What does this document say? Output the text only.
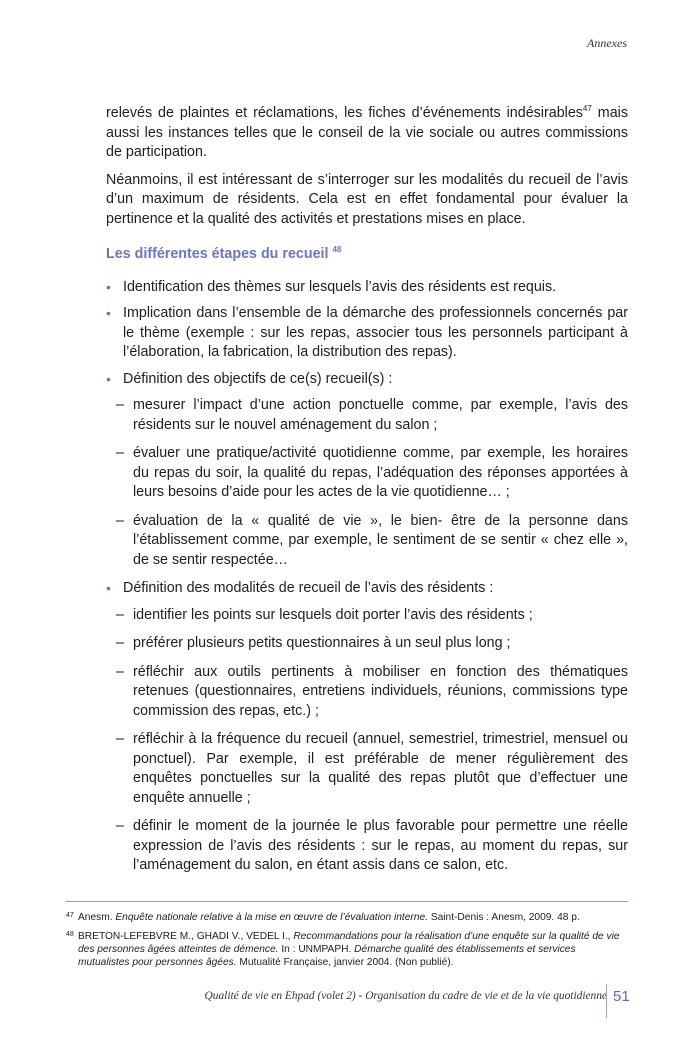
Annexes

relevés de plaintes et réclamations, les fiches d’événements indésirables$^{47}$ mais aussi les instances telles que le conseil de la vie sociale ou autres commissions de participation.

Néanmoins, il est intéressant de s’interroger sur les modalités du recueil de l’avis d’un maximum de résidents. Cela est en effet fondamental pour évaluer la pertinence et la qualité des activités et prestations mises en place.

Les différentes étapes du recueil $^{48}$
• Identification des thèmes sur lesquels l’avis des résidents est requis.
• Implication dans l’ensemble de la démarche des professionnels concernés par le thème (exemple : sur les repas, associer tous les personnels participant à l’élaboration, la fabrication, la distribution des repas).
• Définition des objectifs de ce(s) recueil(s) :
– mesurer l’impact d’une action ponctuelle comme, par exemple, l’avis des résidents sur le nouvel aménagement du salon ;
– évaluer une pratique/activité quotidienne comme, par exemple, les horaires du repas du soir, la qualité du repas, l’adéquation des réponses apportées à leurs besoins d’aide pour les actes de la vie quotidienne… ;
– évaluation de la « qualité de vie », le bien- être de la personne dans l’établissement comme, par exemple, le sentiment de se sentir « chez elle », de se sentir respectée…
• Définition des modalités de recueil de l’avis des résidents :
– identifier les points sur lesquels doit porter l’avis des résidents ;
– préférer plusieurs petits questionnaires à un seul plus long ;
– réfléchir aux outils pertinents à mobiliser en fonction des thématiques retenues (questionnaires, entretiens individuels, réunions, commissions type commission des repas, etc.) ;
– réfléchir à la fréquence du recueil (annuel, semestriel, trimestriel, mensuel ou ponctuel). Par exemple, il est préférable de mener régulièrement des enquêtes ponctuelles sur la qualité des repas plutôt que d’effectuer une enquête annuelle ;
– définir le moment de la journée le plus favorable pour permettre une réelle expression de l’avis des résidents : sur le repas, au moment du repas, sur l’aménagement du salon, en étant assis dans ce salon, etc.
47 Anesm. Enquête nationale relative à la mise en œuvre de l’évaluation interne. Saint-Denis : Anesm, 2009. 48 p.
48 BRETON-LEFEBVRE M., GHADI V., VEDEL I., Recommandations pour la réalisation d’une enquête sur la qualité de vie des personnes âgées atteintes de démence. In : UNMPAPH. Démarche qualité des établissements et services mutualistes pour personnes âgées. Mutualité Française, janvier 2004. (Non publié).
Qualité de vie en Ehpad (volet 2) - Organisation du cadre de vie et de la vie quotidienne 51
